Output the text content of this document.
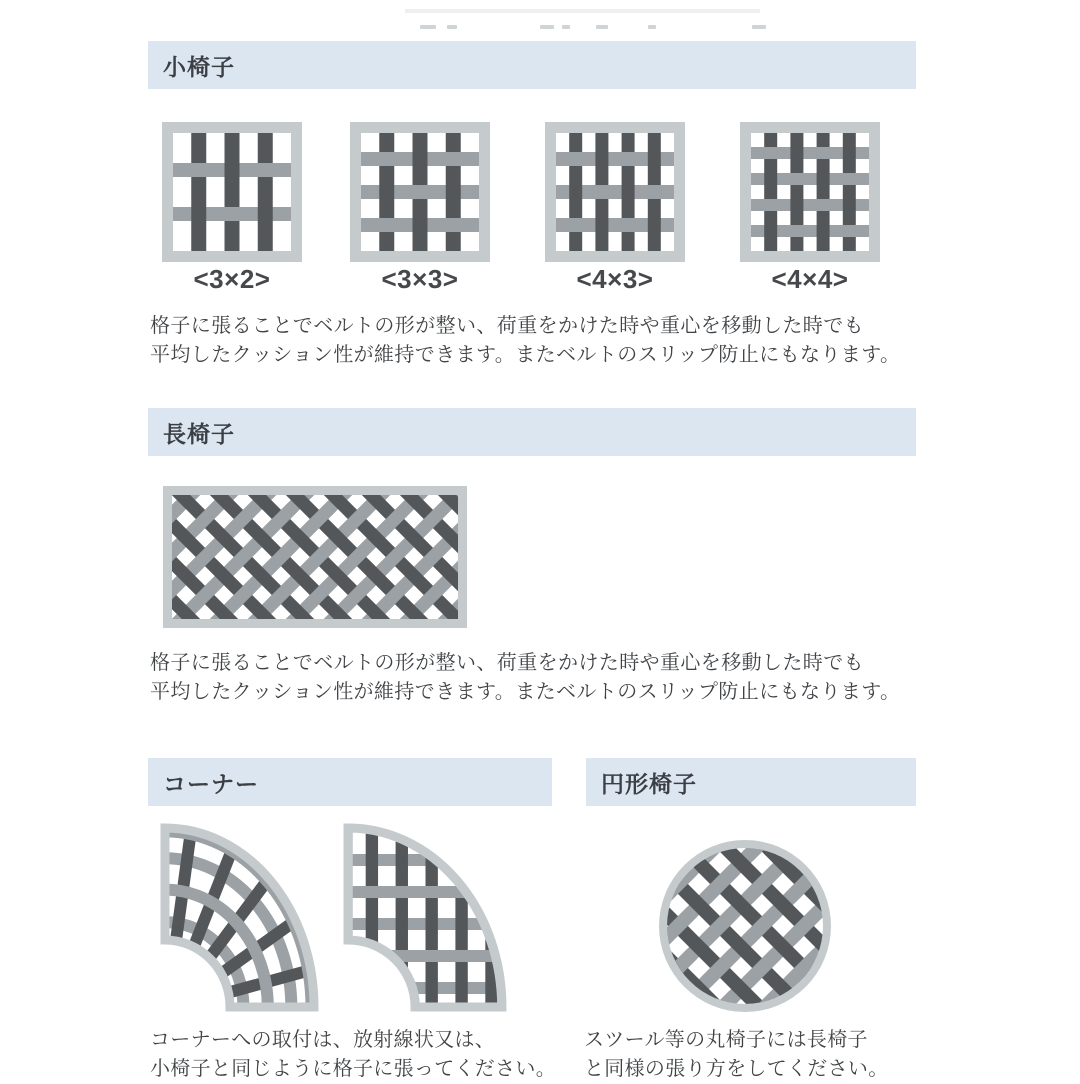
小椅子
<3×2>	<3×3>	<4×3>	<4×4>
格子に張ることでベルトの形が整い、荷重をかけた時や重心を移動した時でも
平均したクッション性が維持できます。またベルトのスリップ防止にもなります。
長椅子
格子に張ることでベルトの形が整い、荷重をかけた時や重心を移動した時でも
平均したクッション性が維持できます。またベルトのスリップ防止にもなります。
コーナー	円形椅子
コーナーへの取付は、放射線状又は、
小椅子と同じように格子に張ってください。
スツール等の丸椅子には長椅子
と同様の張り方をしてください。
